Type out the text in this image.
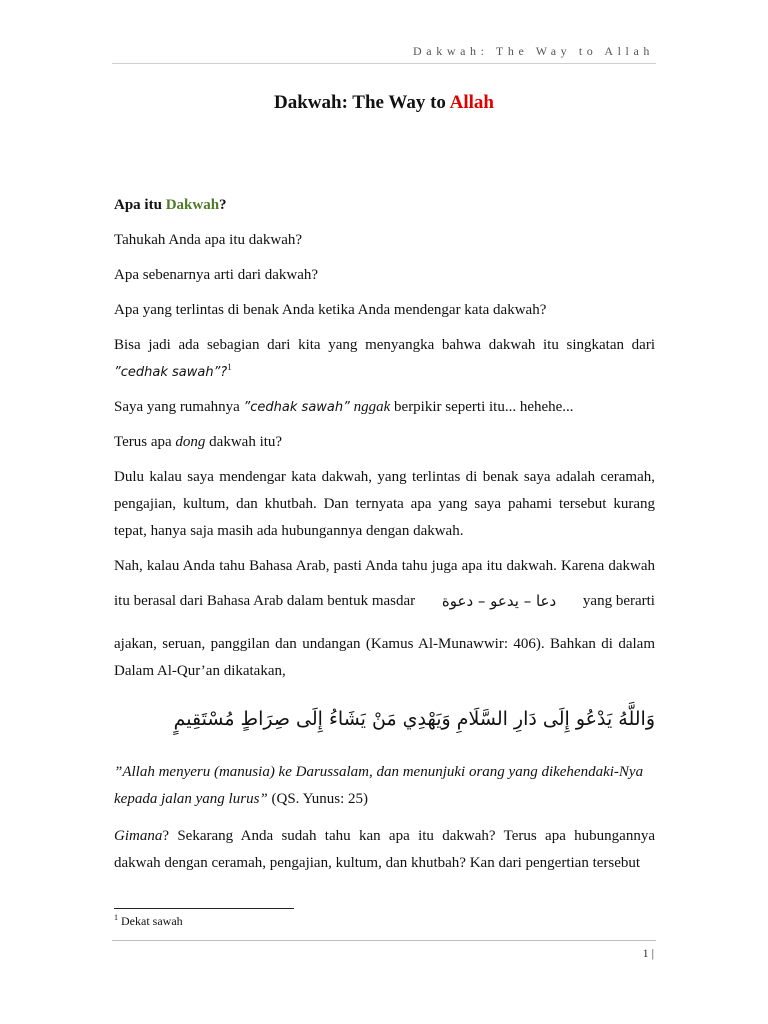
Dakwah: The Way to Allah
Dakwah: The Way to Allah

Apa itu Dakwah?

Tahukah Anda apa itu dakwah?

Apa sebenarnya arti dari dakwah?

Apa yang terlintas di benak Anda ketika Anda mendengar kata dakwah?

Bisa jadi ada sebagian dari kita yang menyangka bahwa dakwah itu singkatan dari
”cedhak sawah”?$^1$

Saya yang rumahnya ”cedhak sawah” nggak berpikir seperti itu... hehehe...

Terus apa dong dakwah itu?

Dulu kalau saya mendengar kata dakwah, yang terlintas di benak saya adalah ceramah, pengajian, kultum, dan khutbah. Dan ternyata apa yang saya pahami tersebut kurang tepat, hanya saja masih ada hubungannya dengan dakwah.

Nah, kalau Anda tahu Bahasa Arab, pasti Anda tahu juga apa itu dakwah. Karena dakwah
itu berasal dari Bahasa Arab dalam bentuk masdar دعا – يدعو – دعوة yang berarti

ajakan, seruan, panggilan dan undangan (Kamus Al-Munawwir: 406). Bahkan di dalam Dalam Al-Qur’an dikatakan,

وَاللَّهُ يَدْعُو إِلَى دَارِ السَّلَامِ وَيَهْدِي مَنْ يَشَاءُ إِلَى صِرَاطٍ مُسْتَقِيمٍ

”Allah menyeru (manusia) ke Darussalam, dan menunjuki orang yang dikehendaki-Nya kepada jalan yang lurus” (QS. Yunus: 25)

Gimana? Sekarang Anda sudah tahu kan apa itu dakwah? Terus apa hubungannya dakwah dengan ceramah, pengajian, kultum, dan khutbah? Kan dari pengertian tersebut

$^1$ Dekat sawah
1 |
